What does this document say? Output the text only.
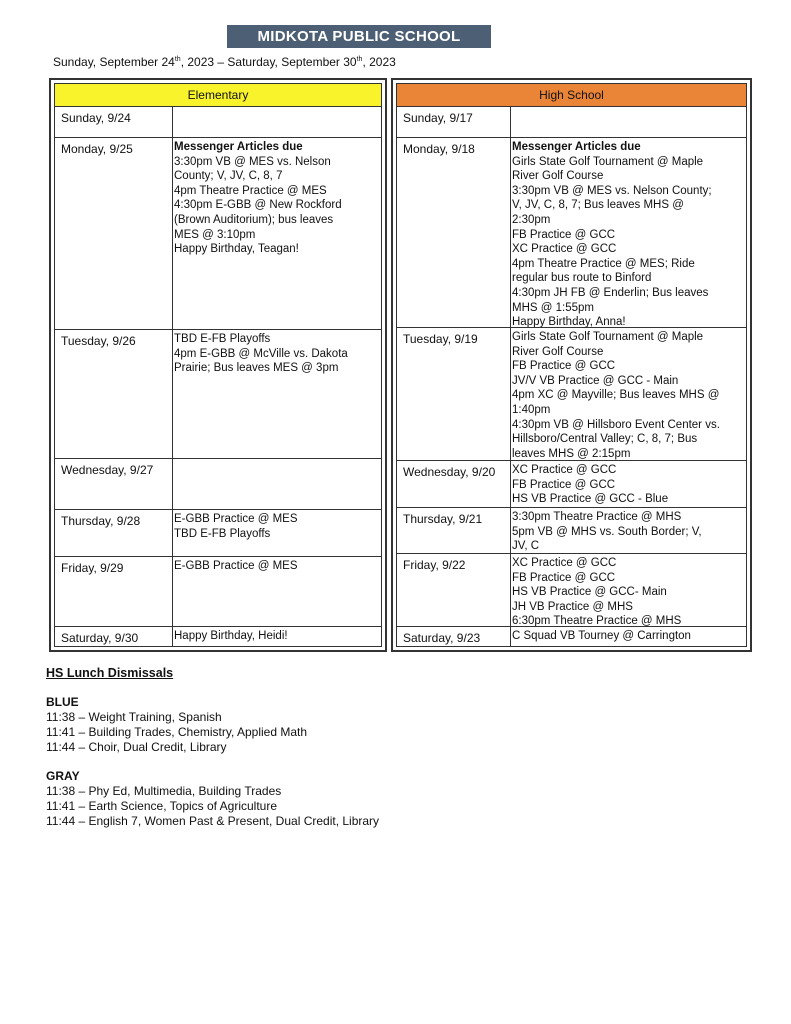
MIDKOTA PUBLIC SCHOOL
Sunday, September 24th, 2023 – Saturday, September 30th, 2023
Elementary
Sunday, 9/24
Monday, 9/25	Messenger Articles due
3:30pm VB @ MES vs. Nelson
County; V, JV, C, 8, 7
4pm Theatre Practice @ MES
4:30pm E-GBB @ New Rockford
(Brown Auditorium); bus leaves
MES @ 3:10pm
Happy Birthday, Teagan!
Tuesday, 9/26	TBD E-FB Playoffs
4pm E-GBB @ McVille vs. Dakota
Prairie; Bus leaves MES @ 3pm
Wednesday, 9/27
Thursday, 9/28	E-GBB Practice @ MES
TBD E-FB Playoffs
Friday, 9/29	E-GBB Practice @ MES
Saturday, 9/30	Happy Birthday, Heidi!
High School
Sunday, 9/17
Monday, 9/18	Messenger Articles due
Girls State Golf Tournament @ Maple
River Golf Course
3:30pm VB @ MES vs. Nelson County;
V, JV, C, 8, 7; Bus leaves MHS @
2:30pm
FB Practice @ GCC
XC Practice @ GCC
4pm Theatre Practice @ MES; Ride
regular bus route to Binford
4:30pm JH FB @ Enderlin; Bus leaves
MHS @ 1:55pm
Happy Birthday, Anna!
Tuesday, 9/19	Girls State Golf Tournament @ Maple
River Golf Course
FB Practice @ GCC
JV/V VB Practice @ GCC - Main
4pm XC @ Mayville; Bus leaves MHS @
1:40pm
4:30pm VB @ Hillsboro Event Center vs.
Hillsboro/Central Valley; C, 8, 7; Bus
leaves MHS @ 2:15pm
Wednesday, 9/20 XC Practice @ GCC
FB Practice @ GCC
HS VB Practice @ GCC - Blue
Thursday, 9/21	3:30pm Theatre Practice @ MHS
5pm VB @ MHS vs. South Border; V,
JV, C
Friday, 9/22	XC Practice @ GCC
FB Practice @ GCC
HS VB Practice @ GCC- Main
JH VB Practice @ MHS
6:30pm Theatre Practice @ MHS
Saturday, 9/23	C Squad VB Tourney @ Carrington
HS Lunch Dismissals
BLUE
11:38 – Weight Training, Spanish
11:41 – Building Trades, Chemistry, Applied Math
11:44 – Choir, Dual Credit, Library
GRAY
11:38 – Phy Ed, Multimedia, Building Trades
11:41 – Earth Science, Topics of Agriculture
11:44 – English 7, Women Past & Present, Dual Credit, Library
